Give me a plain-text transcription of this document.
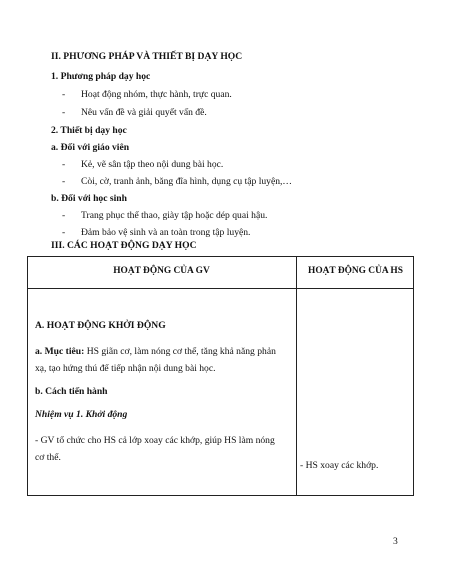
II. PHƯƠNG PHÁP VÀ THIẾT BỊ DẠY HỌC
1. Phương pháp dạy học
- Hoạt động nhóm, thực hành, trực quan.
- Nêu vấn đề và giải quyết vấn đề.
2. Thiết bị dạy học
a. Đối với giáo viên
- Kẻ, vẽ sân tập theo nội dung bài học.
- Còi, cờ, tranh ảnh, băng đĩa hình, dụng cụ tập luyện,…
b. Đối với học sinh
- Trang phục thể thao, giày tập hoặc dép quai hậu.
- Đảm bảo vệ sinh và an toàn trong tập luyện.
III. CÁC HOẠT ĐỘNG DẠY HỌC
HOẠT ĐỘNG CỦA GV	HOẠT ĐỘNG CỦA HS
A. HOẠT ĐỘNG KHỞI ĐỘNG
a. Mục tiêu: HS giãn cơ, làm nóng cơ thể, tăng khả năng phản
xạ, tạo hứng thú để tiếp nhận nội dung bài học.
b. Cách tiến hành
Nhiệm vụ 1. Khởi động
- GV tổ chức cho HS cả lớp xoay các khớp, giúp HS làm nóng
cơ thể.
- HS xoay các khớp.
3
